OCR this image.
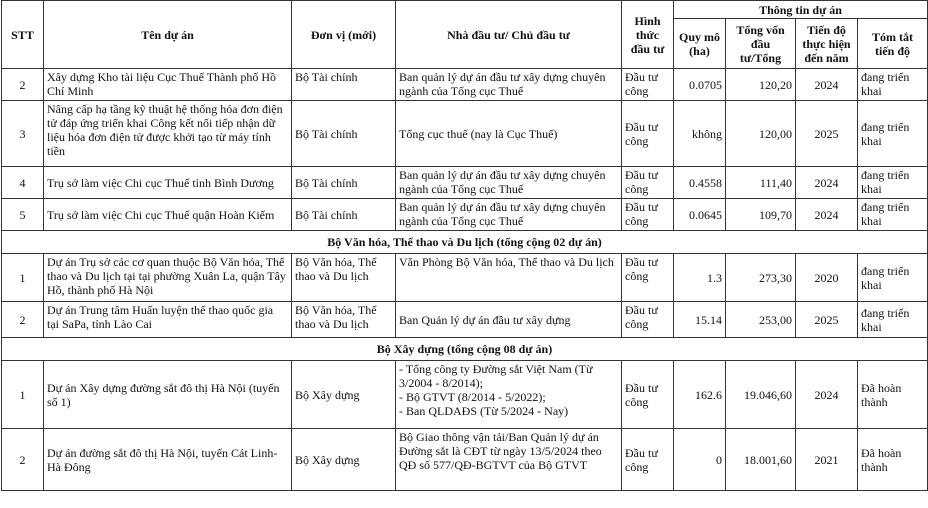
STT	Tên dự án	Đơn vị (mới)	Nhà đầu tư/ Chủ đầu tư	Hình thức đầu tư	Thông tin dự án			
					Quy mô (ha)	Tổng vốn đầu tư/Tổng	Tiến độ thực hiện đến năm	Tóm tắt tiến độ
2	Xây dựng Kho tài liệu Cục Thuế Thành phố Hồ Chí Minh	Bộ Tài chính	Ban quản lý dự án đầu tư xây dựng chuyên ngành của Tổng cục Thuế	Đầu tư công	0.0705	120,20	2024	đang triển khai
3	Nâng cấp hạ tầng kỹ thuật hệ thống hóa đơn điện tử đáp ứng triển khai Công kết nối tiếp nhận dữ liệu hóa đơn điện tử được khởi tạo từ máy tính tiền	Bộ Tài chính	Tổng cục thuế (nay là Cục Thuế)	Đầu tư công	không	120,00	2025	đang triển khai
4	Trụ sở làm việc Chi cục Thuế tỉnh Bình Dương	Bộ Tài chính	Ban quản lý dự án đầu tư xây dựng chuyên ngành của Tổng cục Thuế	Đầu tư công	0.4558	111,40	2024	đang triển khai
5	Trụ sở làm việc Chi cục Thuế quận Hoàn Kiếm	Bộ Tài chính	Ban quản lý dự án đầu tư xây dựng chuyên ngành của Tổng cục Thuế	Đầu tư công	0.0645	109,70	2024	đang triển khai
Bộ Văn hóa, Thể thao và Du lịch (tổng cộng 02 dự án)								
1	Dự án Trụ sở các cơ quan thuộc Bộ Văn hóa, Thể thao và Du lịch tại tại phường Xuân La, quận Tây Hồ, thành phố Hà Nội	Bộ Văn hóa, Thể thao và Du lịch	Văn Phòng Bộ Văn hóa, Thể thao và Du lịch	Đầu tư công	1.3	273,30	2020	đang triển khai
2	Dự án Trung tâm Huấn luyện thể thao quốc gia tại SaPa, tỉnh Lào Cai	Bộ Văn hóa, Thể thao và Du lịch	Ban Quản lý dự án đầu tư xây dựng	Đầu tư công	15.14	253,00	2025	đang triển khai
Bộ Xây dựng (tổng cộng 08 dự án)								
1	Dự án Xây dựng đường sắt đô thị Hà Nội (tuyến số 1)	Bộ Xây dựng	- Tổng công ty Đường sắt Việt Nam (Từ 3/2004 - 8/2014);
- Bộ GTVT (8/2014 - 5/2022);
- Ban QLDAĐS (Từ 5/2024 - Nay)	Đầu tư công	162.6	19.046,60	2024	Đã hoàn thành
2	Dự án đường sắt đô thị Hà Nội, tuyến Cát Linh-Hà Đông	Bộ Xây dựng	Bộ Giao thông vận tải/Ban Quản lý dự án Đường sắt là CĐT từ ngày 13/5/2024 theo QĐ số 577/QĐ-BGTVT của Bộ GTVT	Đầu tư công	0	18.001,60	2021	Đã hoàn thành
